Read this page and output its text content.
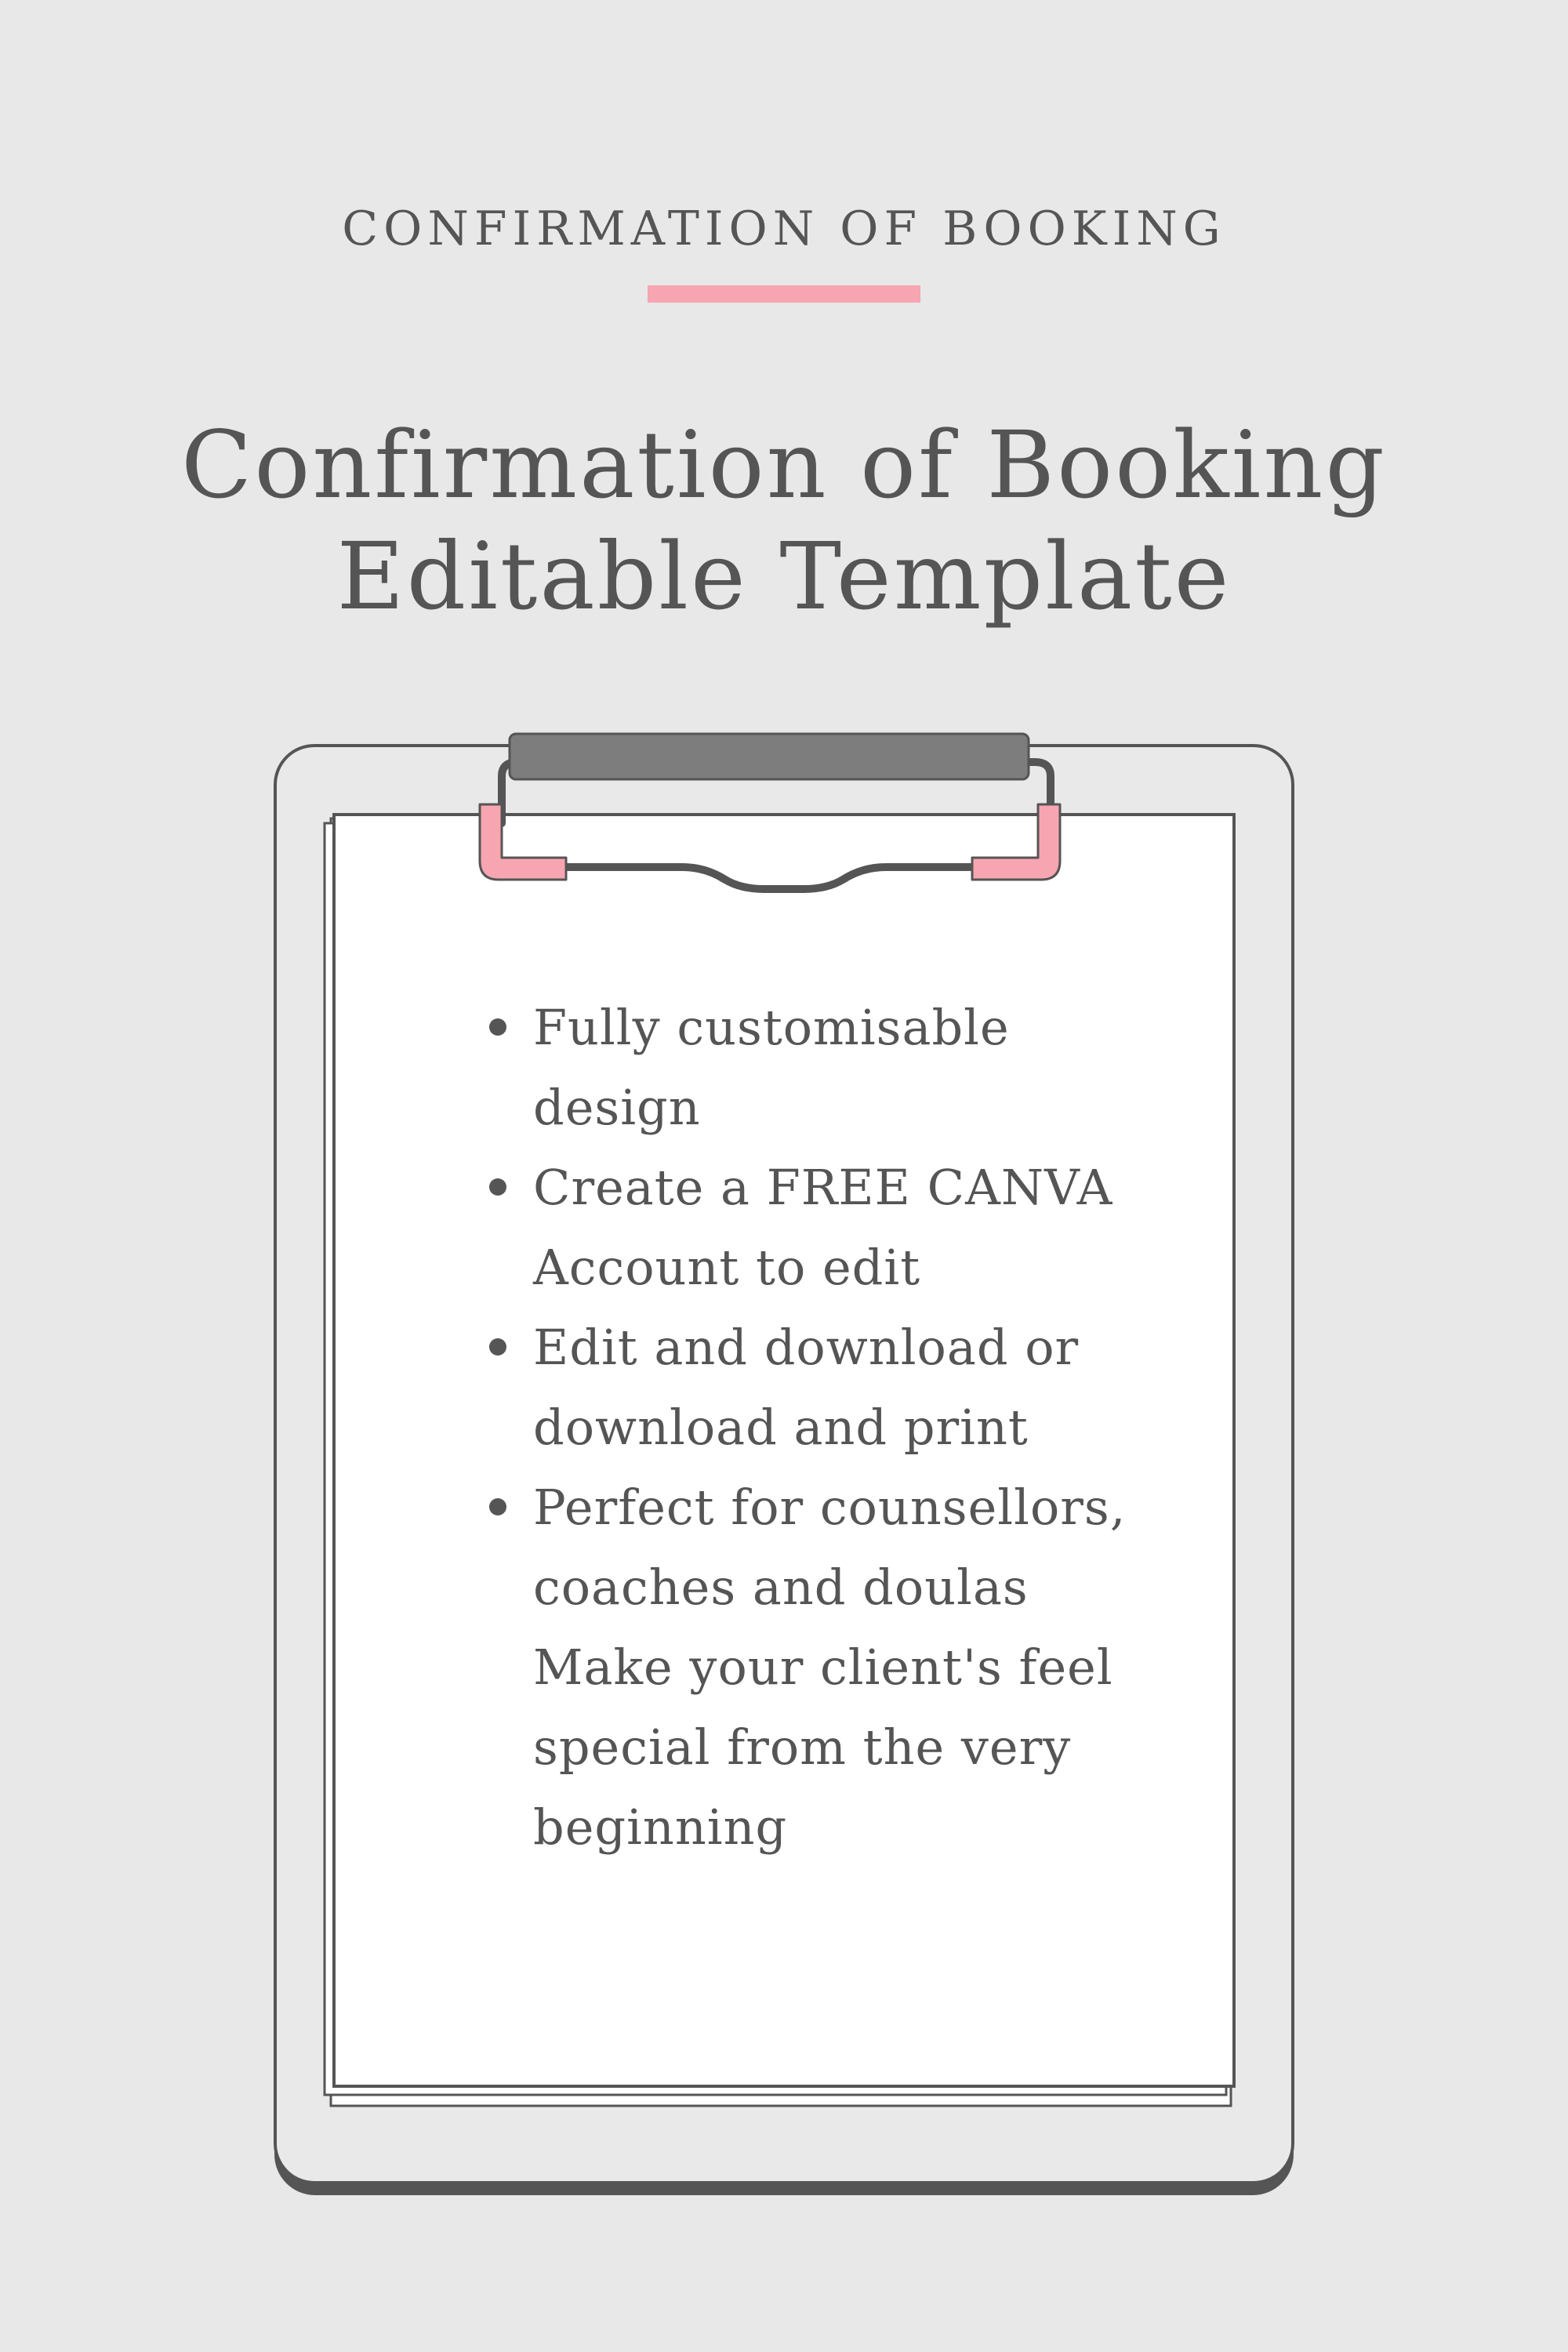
CONFIRMATION OF BOOKING
Confirmation of Booking
Editable Template
Fully customisable design
Create a FREE CANVA Account to edit
Edit and download or download and print
Perfect for counsellors, coaches and doulas Make your client's feel special from the very beginning
